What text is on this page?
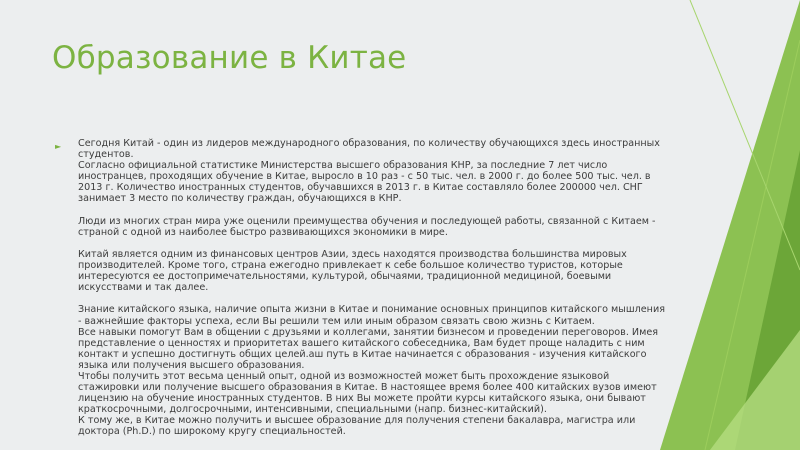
Образование в Китае
► Сегодня Китай - один из лидеров международного образования, по количеству обучающихся здесь иностранных студентов.

Согласно официальной статистике Министерства высшего образования КНР, за последние 7 лет число иностранцев, проходящих обучение в Китае, выросло в 10 раз - с 50 тыс. чел. в 2000 г. до более 500 тыс. чел. в 2013 г. Количество иностранных студентов, обучавшихся в 2013 г. в Китае составляло более 200000 чел. СНГ занимает 3 место по количеству граждан, обучающихся в КНР.

Люди из многих стран мира уже оценили преимущества обучения и последующей работы, связанной с Китаем - страной с одной из наиболее быстро развивающихся экономики в мире.

Китай является одним из финансовых центров Азии, здесь находятся производства большинства мировых производителей. Кроме того, страна ежегодно привлекает к себе большое количество туристов, которые интересуются ее достопримечательностями, культурой, обычаями, традиционной медициной, боевыми искусствами и так далее.

Знание китайского языка, наличие опыта жизни в Китае и понимание основных принципов китайского мышления - важнейшие факторы успеха, если Вы решили тем или иным образом связать свою жизнь с Китаем.

Все навыки помогут Вам в общении с друзьями и коллегами, занятии бизнесом и проведении переговоров. Имея представление о ценностях и приоритетах вашего китайского собеседника, Вам будет проще наладить с ним контакт и успешно достигнуть общих целей.аш путь в Китае начинается с образования - изучения китайского языка или получения высшего образования.

Чтобы получить этот весьма ценный опыт, одной из возможностей может быть прохождение языковой стажировки или получение высшего образования в Китае. В настоящее время более 400 китайских вузов имеют лицензию на обучение иностранных студентов. В них Вы можете пройти курсы китайского языка, они бывают краткосрочными, долгосрочными, интенсивными, специальными (напр. бизнес-китайский).

К тому же, в Китае можно получить и высшее образование для получения степени бакалавра, магистра или доктора (Ph.D.) по широкому кругу специальностей.
